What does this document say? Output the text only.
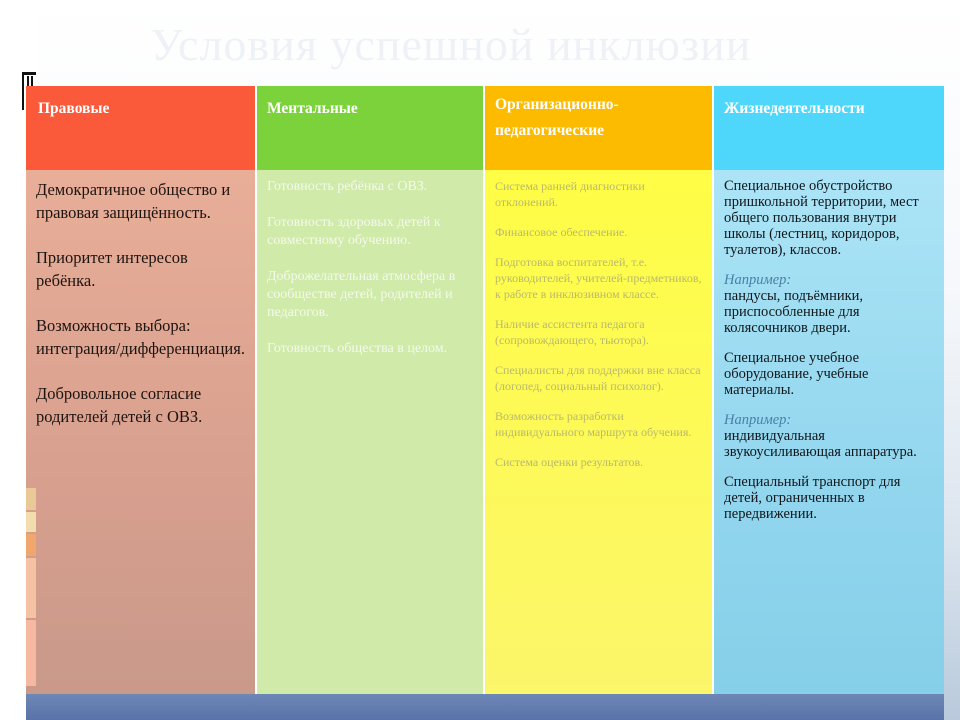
Условия успешной инклюзии
Правовые

Демократичное общество и правовая защищённость.

Приоритет интересов ребёнка.

Возможность выбора: интеграция/дифференциация.

Добровольное согласие родителей детей с ОВЗ.

Ментальные

Готовность ребёнка с ОВЗ.

Готовность здоровых детей к совместному обучению.

Доброжелательная атмосфера в сообществе детей, родителей и педагогов.

Готовность общества в целом.

Организационно-педагогические

Система ранней диагностики отклонений.

Финансовое обеспечение.

Подготовка воспитателей, т.е. руководителей, учителей-предметников, к работе в инклюзивном классе.

Наличие ассистента педагога (сопровождающего, тьютора).

Специалисты для поддержки вне класса (логопед, социальный психолог).

Возможность разработки индивидуального маршрута обучения.

Система оценки результатов.

Жизнедеятельности

Специальное обустройство пришкольной территории, мест общего пользования внутри школы (лестниц, коридоров, туалетов), классов.

Например:
пандусы, подъёмники, приспособленные для колясочников двери.

Специальное учебное оборудование, учебные материалы.

Например:
индивидуальная звукоусиливающая аппаратура.

Специальный транспорт для детей, ограниченных в передвижении.
